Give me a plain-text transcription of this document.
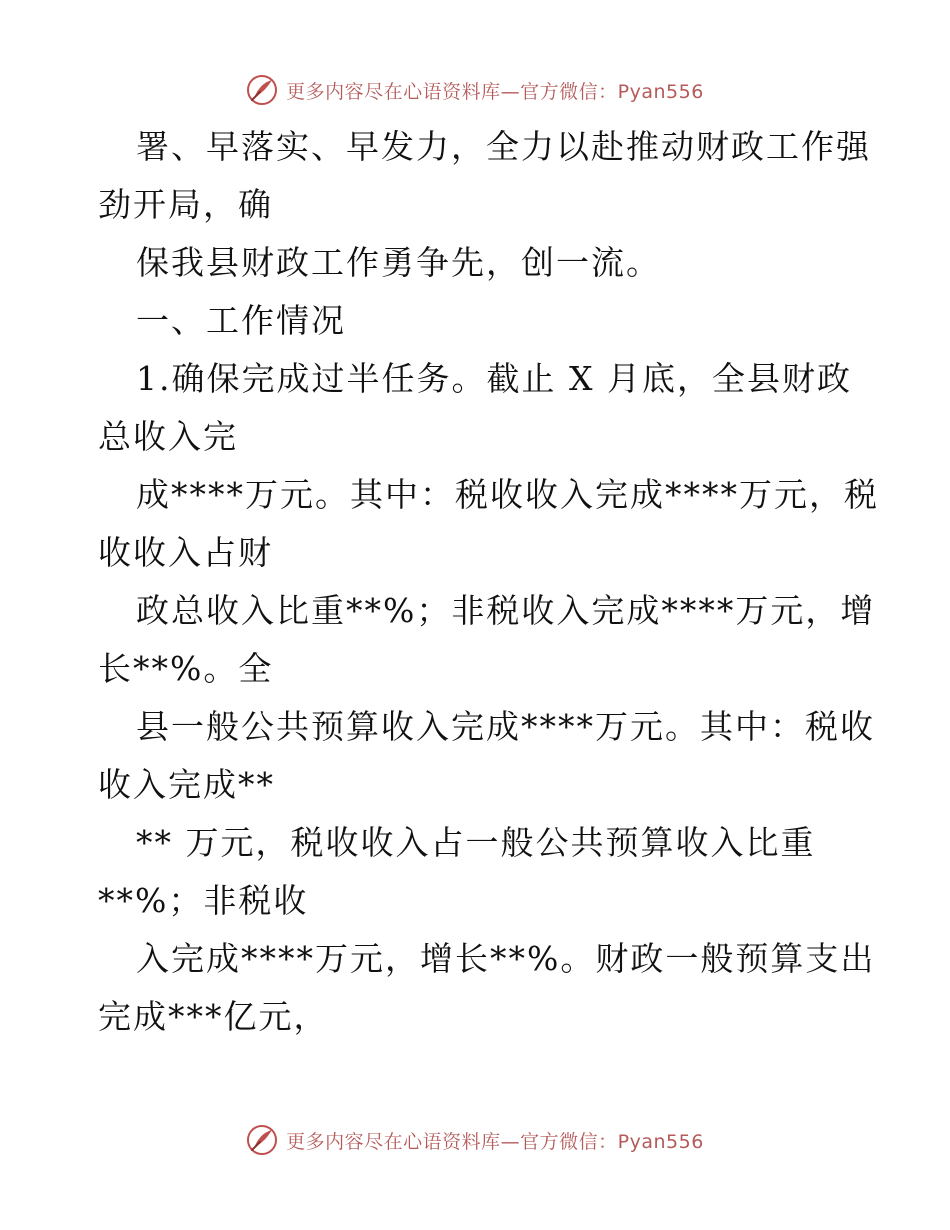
更多内容尽在心语资料库—官方微信：Pyan556
署、早落实、早发力，全力以赴推动财政工作强
劲开局，确
保我县财政工作勇争先，创一流。
一、工作情况
1.确保完成过半任务。截止 X 月底，全县财政
总收入完
成****万元。其中：税收收入完成****万元，税
收收入占财
政总收入比重**%；非税收入完成****万元，增
长**%。全
县一般公共预算收入完成****万元。其中：税收
收入完成**
** 万元，税收收入占一般公共预算收入比重
**%；非税收
入完成****万元，增长**%。财政一般预算支出
完成***亿元，
更多内容尽在心语资料库—官方微信：Pyan556
